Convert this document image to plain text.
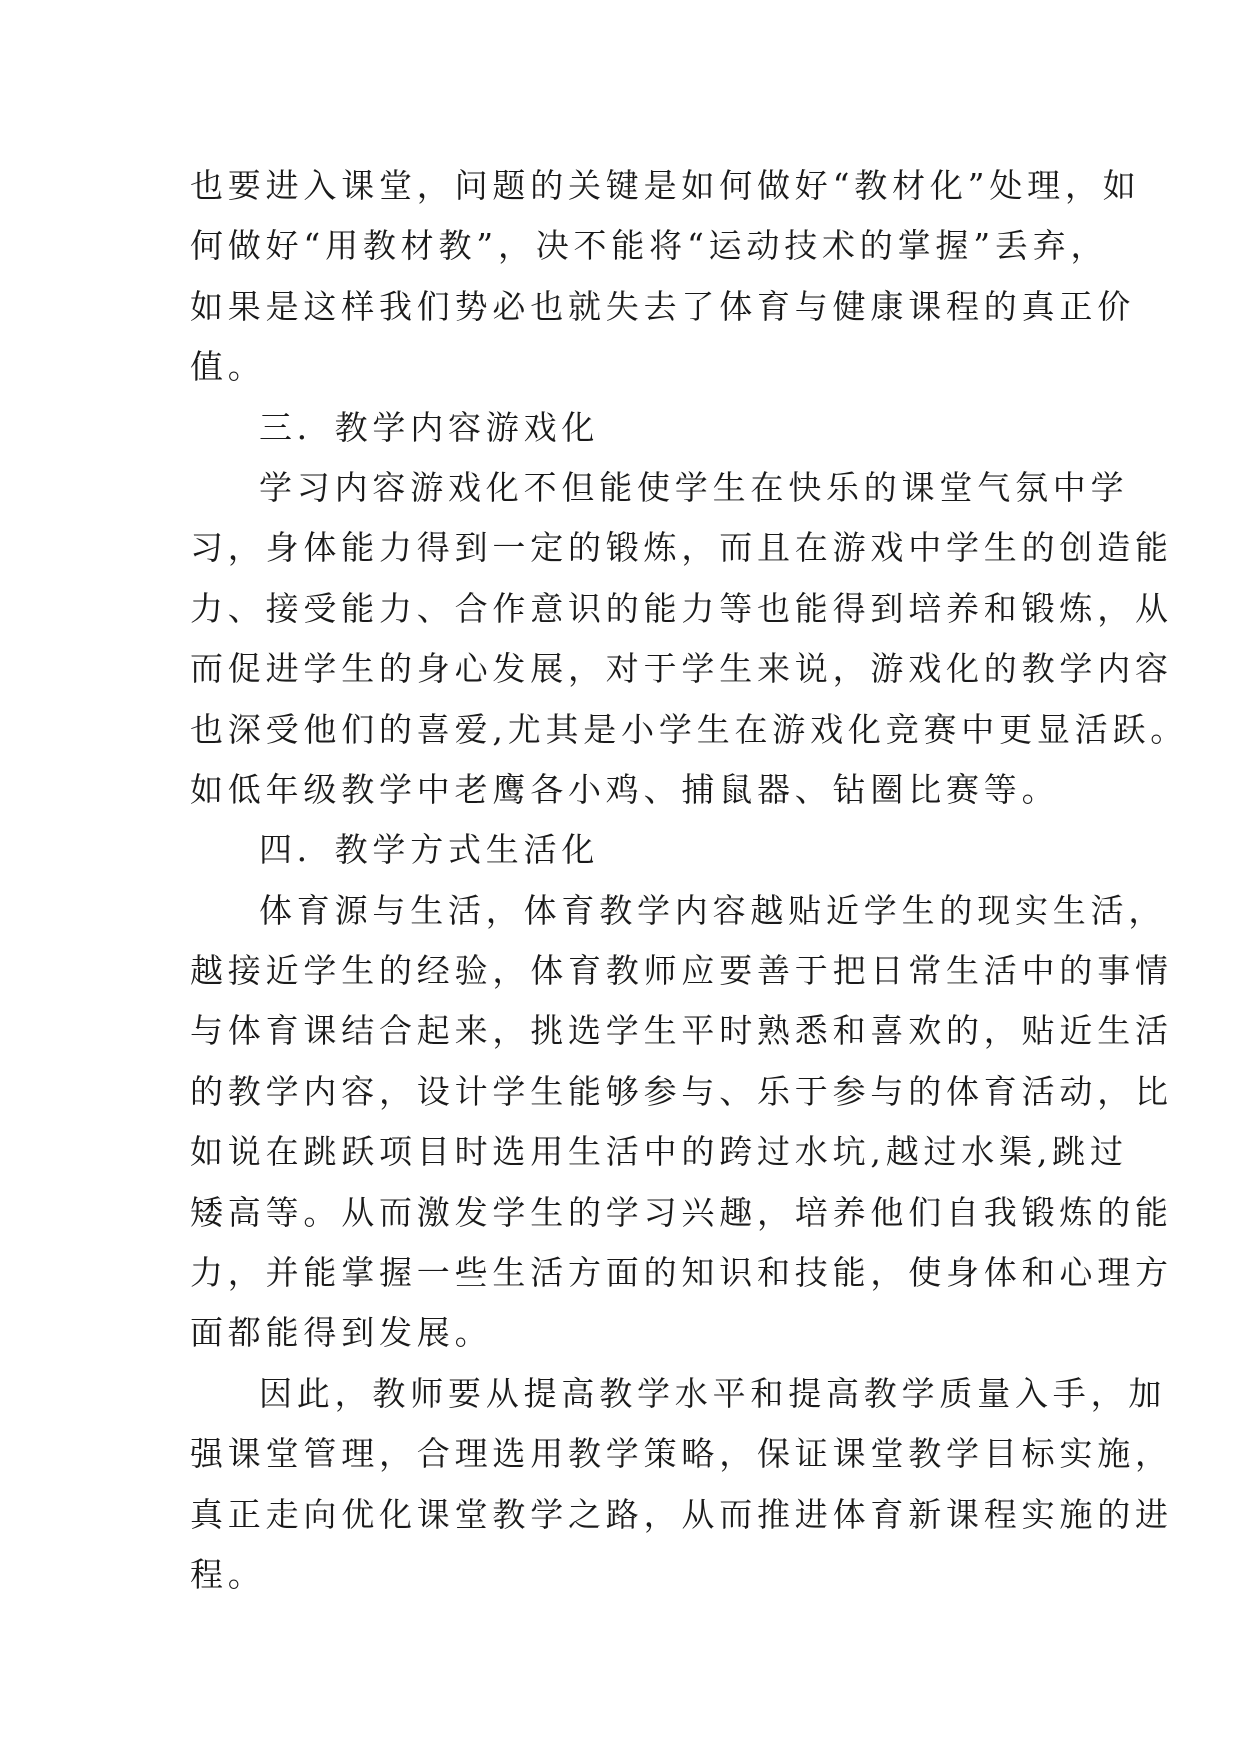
也要进入课堂，问题的关键是如何做好“教材化”处理，如
何做好“用教材教”，决不能将“运动技术的掌握”丢弃，
如果是这样我们势必也就失去了体育与健康课程的真正价
值。
三．教学内容游戏化
学习内容游戏化不但能使学生在快乐的课堂气氛中学
习，身体能力得到一定的锻炼，而且在游戏中学生的创造能
力、接受能力、合作意识的能力等也能得到培养和锻炼，从
而促进学生的身心发展，对于学生来说，游戏化的教学内容
也深受他们的喜爱,尤其是小学生在游戏化竞赛中更显活跃。
如低年级教学中老鹰各小鸡、捕鼠器、钻圈比赛等。
四．教学方式生活化
体育源与生活，体育教学内容越贴近学生的现实生活，
越接近学生的经验，体育教师应要善于把日常生活中的事情
与体育课结合起来，挑选学生平时熟悉和喜欢的，贴近生活
的教学内容，设计学生能够参与、乐于参与的体育活动，比
如说在跳跃项目时选用生活中的跨过水坑,越过水渠,跳过
矮高等。从而激发学生的学习兴趣，培养他们自我锻炼的能
力，并能掌握一些生活方面的知识和技能，使身体和心理方
面都能得到发展。
因此，教师要从提高教学水平和提高教学质量入手，加
强课堂管理，合理选用教学策略，保证课堂教学目标实施，
真正走向优化课堂教学之路，从而推进体育新课程实施的进
程。
